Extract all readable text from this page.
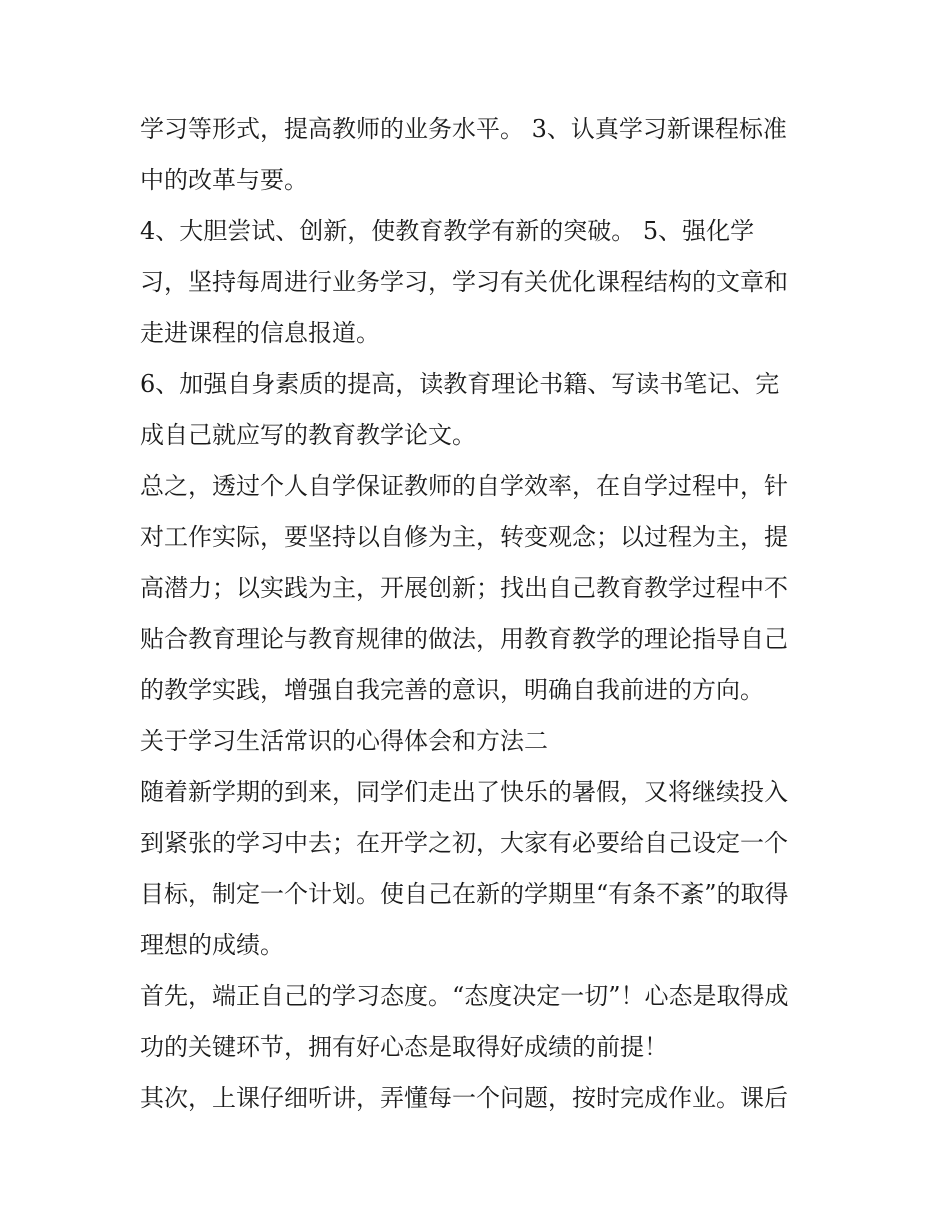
学习等形式，提高教师的业务水平。 3、认真学习新课程标准
中的改革与要。
4、大胆尝试、创新，使教育教学有新的突破。 5、强化学
习，坚持每周进行业务学习，学习有关优化课程结构的文章和
走进课程的信息报道。
6、加强自身素质的提高，读教育理论书籍、写读书笔记、完
成自己就应写的教育教学论文。
总之，透过个人自学保证教师的自学效率，在自学过程中，针
对工作实际，要坚持以自修为主，转变观念；以过程为主，提
高潜力；以实践为主，开展创新；找出自己教育教学过程中不
贴合教育理论与教育规律的做法，用教育教学的理论指导自己
的教学实践，增强自我完善的意识，明确自我前进的方向。
关于学习生活常识的心得体会和方法二
随着新学期的到来，同学们走出了快乐的暑假，又将继续投入
到紧张的学习中去；在开学之初，大家有必要给自己设定一个
目标，制定一个计划。使自己在新的学期里“有条不紊”的取得
理想的成绩。
首先，端正自己的学习态度。“态度决定一切”！心态是取得成
功的关键环节，拥有好心态是取得好成绩的前提！
其次，上课仔细听讲，弄懂每一个问题，按时完成作业。课后
